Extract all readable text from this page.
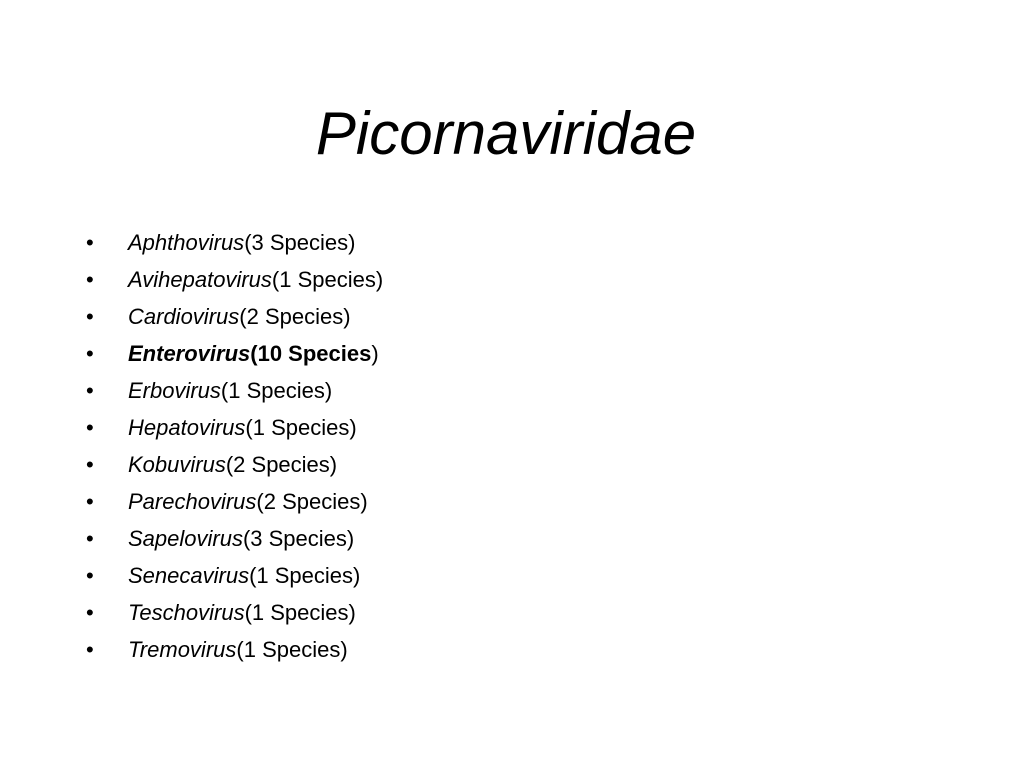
Picornaviridae
•	Aphthovirus (3 Species)
•	Avihepatovirus (1 Species)
•	Cardiovirus (2 Species)
•	Enterovirus (10 Species)
•	Erbovirus (1 Species)
•	Hepatovirus (1 Species)
•	Kobuvirus (2 Species)
•	Parechovirus (2 Species)
•	Sapelovirus (3 Species)
•	Senecavirus (1 Species)
•	Teschovirus (1 Species)
•	Tremovirus (1 Species)
